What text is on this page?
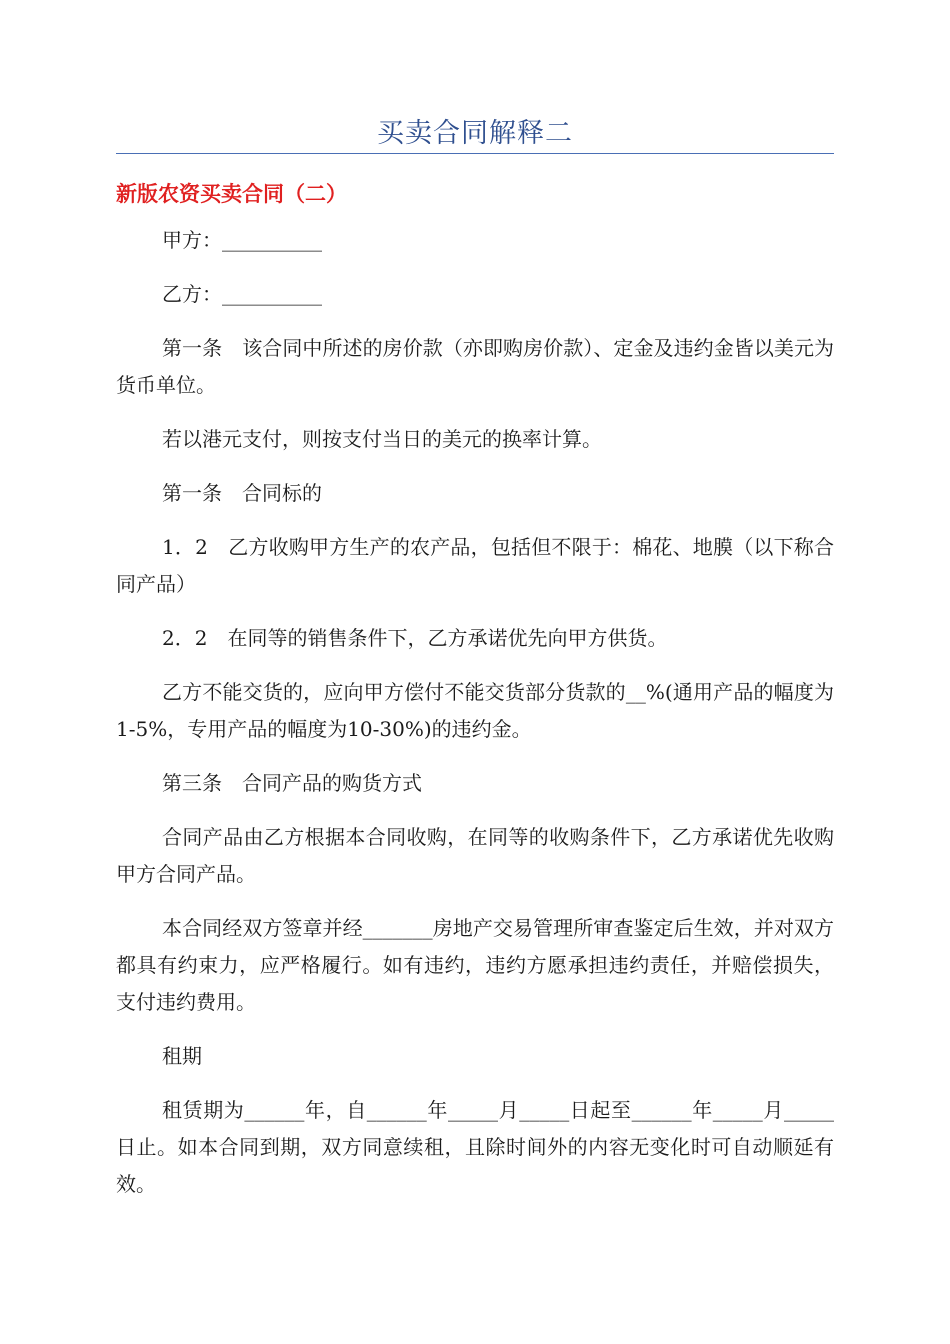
买卖合同解释二
新版农资买卖合同（二）

甲方：__________

乙方：__________

第一条　该合同中所述的房价款（亦即购房价款）、定金及违约金皆以美元为货币单位。

若以港元支付，则按支付当日的美元的换率计算。

第一条　合同标的

1．2　乙方收购甲方生产的农产品，包括但不限于：棉花、地膜（以下称合同产品）

2．2　在同等的销售条件下，乙方承诺优先向甲方供货。

乙方不能交货的，应向甲方偿付不能交货部分货款的__%(通用产品的幅度为1-5%，专用产品的幅度为10-30%)的违约金。

第三条　合同产品的购货方式

合同产品由乙方根据本合同收购，在同等的收购条件下，乙方承诺优先收购甲方合同产品。

本合同经双方签章并经_______房地产交易管理所审查鉴定后生效，并对双方都具有约束力，应严格履行。如有违约，违约方愿承担违约责任，并赔偿损失，支付违约费用。

租期

租赁期为______年，自______年_____月_____日起至______年_____月_____日止。如本合同到期，双方同意续租，且除时间外的内容无变化时可自动顺延有效。
